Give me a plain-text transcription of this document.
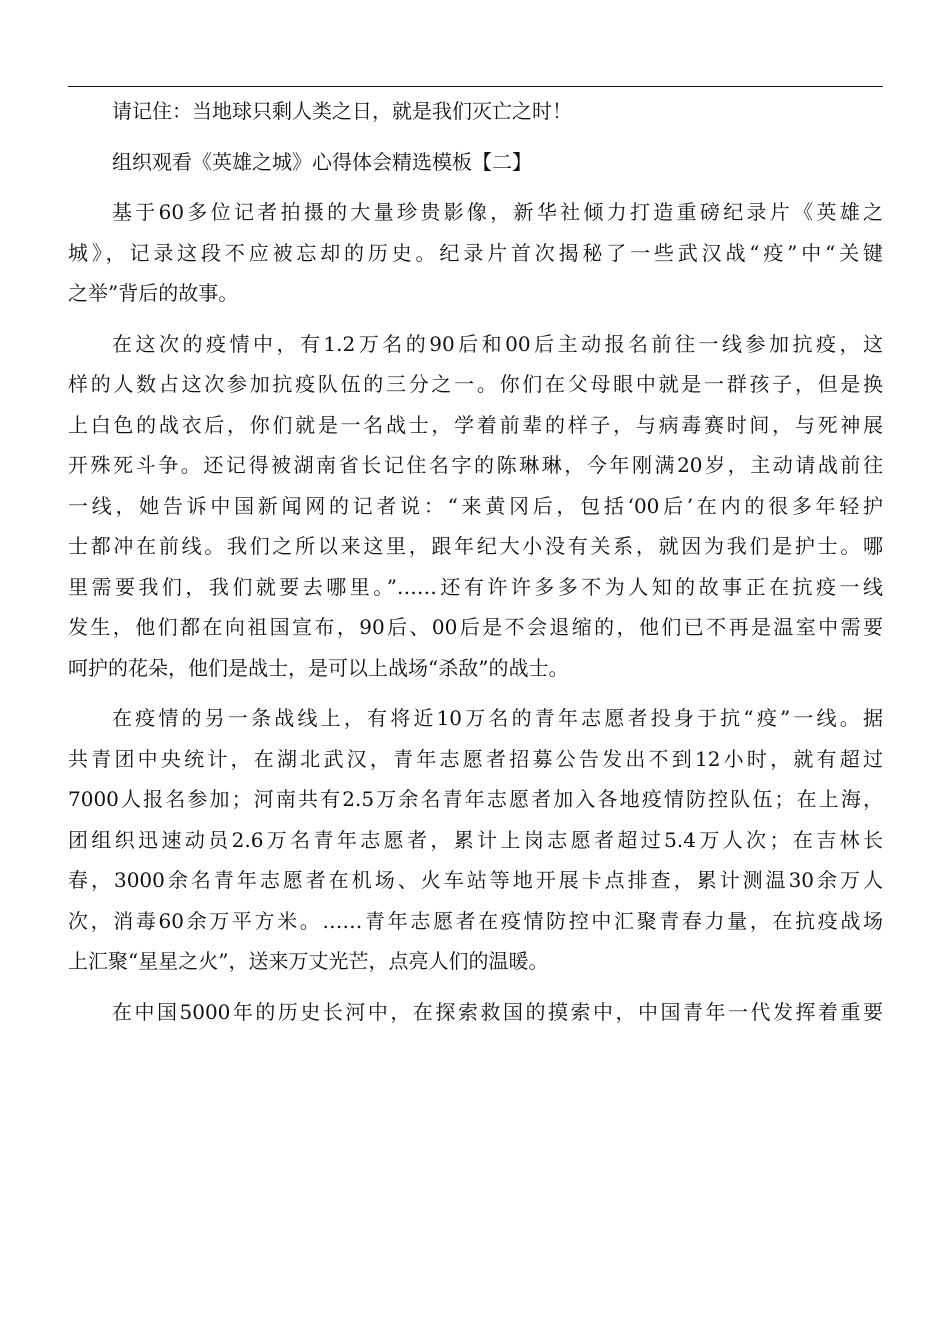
请记住：当地球只剩人类之日，就是我们灭亡之时！
组织观看《英雄之城》心得体会精选模板【二】
基于60多位记者拍摄的大量珍贵影像，新华社倾力打造重磅纪录片《英雄之
城》，记录这段不应被忘却的历史。纪录片首次揭秘了一些武汉战“疫”中“关键
之举”背后的故事。
在这次的疫情中，有1.2万名的90后和00后主动报名前往一线参加抗疫，这
样的人数占这次参加抗疫队伍的三分之一。你们在父母眼中就是一群孩子，但是换
上白色的战衣后，你们就是一名战士，学着前辈的样子，与病毒赛时间，与死神展
开殊死斗争。还记得被湖南省长记住名字的陈琳琳，今年刚满20岁，主动请战前往
一线，她告诉中国新闻网的记者说：“来黄冈后，包括‘00后’在内的很多年轻护
士都冲在前线。我们之所以来这里，跟年纪大小没有关系，就因为我们是护士。哪
里需要我们，我们就要去哪里。”……还有许许多多不为人知的故事正在抗疫一线
发生，他们都在向祖国宣布，90后、00后是不会退缩的，他们已不再是温室中需要
呵护的花朵，他们是战士，是可以上战场“杀敌”的战士。
在疫情的另一条战线上，有将近10万名的青年志愿者投身于抗“疫”一线。据
共青团中央统计，在湖北武汉，青年志愿者招募公告发出不到12小时，就有超过
7000人报名参加；河南共有2.5万余名青年志愿者加入各地疫情防控队伍；在上海，
团组织迅速动员2.6万名青年志愿者，累计上岗志愿者超过5.4万人次；在吉林长
春，3000余名青年志愿者在机场、火车站等地开展卡点排查，累计测温30余万人
次，消毒60余万平方米。……青年志愿者在疫情防控中汇聚青春力量，在抗疫战场
上汇聚“星星之火”，送来万丈光芒，点亮人们的温暖。
在中国5000年的历史长河中，在探索救国的摸索中，中国青年一代发挥着重要
